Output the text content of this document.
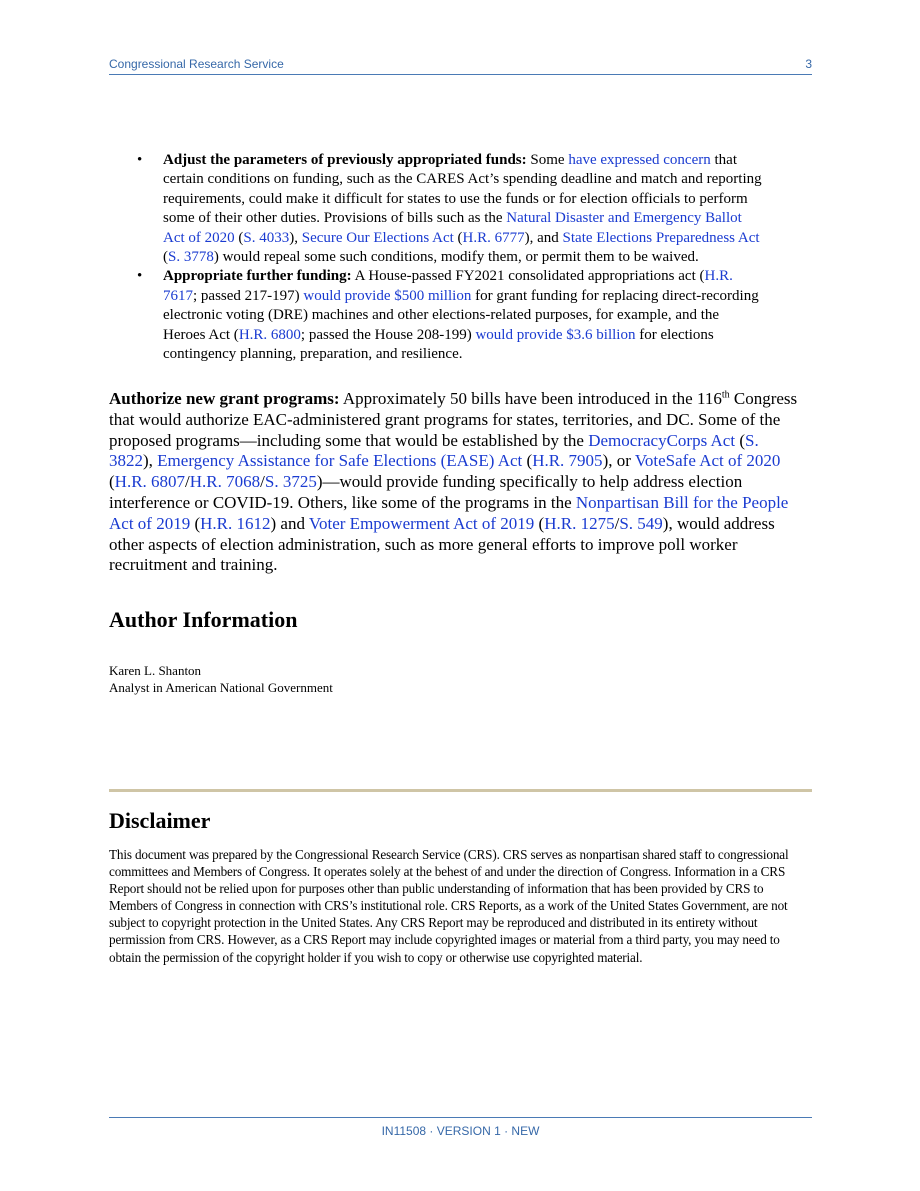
Congressional Research Service	3
• Adjust the parameters of previously appropriated funds: Some have expressed concern that certain conditions on funding, such as the CARES Act’s spending deadline and match and reporting requirements, could make it difficult for states to use the funds or for election officials to perform some of their other duties. Provisions of bills such as the Natural Disaster and Emergency Ballot Act of 2020 (S. 4033), Secure Our Elections Act (H.R. 6777), and State Elections Preparedness Act (S. 3778) would repeal some such conditions, modify them, or permit them to be waived.
• Appropriate further funding: A House-passed FY2021 consolidated appropriations act (H.R. 7617; passed 217-197) would provide $500 million for grant funding for replacing direct-recording electronic voting (DRE) machines and other elections-related purposes, for example, and the Heroes Act (H.R. 6800; passed the House 208-199) would provide $3.6 billion for elections contingency planning, preparation, and resilience.
Authorize new grant programs: Approximately 50 bills have been introduced in the 116th Congress that would authorize EAC-administered grant programs for states, territories, and DC. Some of the proposed programs—including some that would be established by the DemocracyCorps Act (S. 3822), Emergency Assistance for Safe Elections (EASE) Act (H.R. 7905), or VoteSafe Act of 2020 (H.R. 6807/H.R. 7068/S. 3725)—would provide funding specifically to help address election interference or COVID-19. Others, like some of the programs in the Nonpartisan Bill for the People Act of 2019 (H.R. 1612) and Voter Empowerment Act of 2019 (H.R. 1275/S. 549), would address other aspects of election administration, such as more general efforts to improve poll worker recruitment and training.
Author Information
Karen L. Shanton
Analyst in American National Government
Disclaimer
This document was prepared by the Congressional Research Service (CRS). CRS serves as nonpartisan shared staff to congressional committees and Members of Congress. It operates solely at the behest of and under the direction of Congress. Information in a CRS Report should not be relied upon for purposes other than public understanding of information that has been provided by CRS to Members of Congress in connection with CRS’s institutional role. CRS Reports, as a work of the United States Government, are not subject to copyright protection in the United States. Any CRS Report may be reproduced and distributed in its entirety without permission from CRS. However, as a CRS Report may include copyrighted images or material from a third party, you may need to obtain the permission of the copyright holder if you wish to copy or otherwise use copyrighted material.
IN11508 · VERSION 1 · NEW
